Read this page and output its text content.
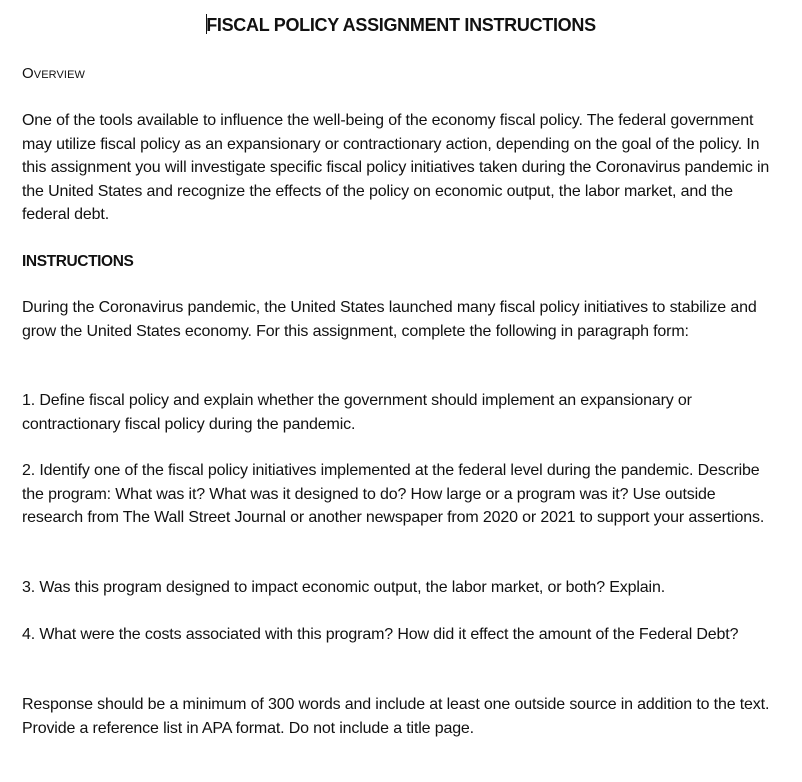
FISCAL POLICY ASSIGNMENT INSTRUCTIONS
Overview

One of the tools available to influence the well-being of the economy fiscal policy. The federal government may utilize fiscal policy as an expansionary or contractionary action, depending on the goal of the policy. In this assignment you will investigate specific fiscal policy initiatives taken during the Coronavirus pandemic in the United States and recognize the effects of the policy on economic output, the labor market, and the federal debt.

INSTRUCTIONS

During the Coronavirus pandemic, the United States launched many fiscal policy initiatives to stabilize and grow the United States economy. For this assignment, complete the following in paragraph form:

1. Define fiscal policy and explain whether the government should implement an expansionary or contractionary fiscal policy during the pandemic.

2. Identify one of the fiscal policy initiatives implemented at the federal level during the pandemic. Describe the program: What was it? What was it designed to do? How large or a program was it? Use outside research from The Wall Street Journal or another newspaper from 2020 or 2021 to support your assertions.

3. Was this program designed to impact economic output, the labor market, or both? Explain.

4. What were the costs associated with this program? How did it effect the amount of the Federal Debt?

Response should be a minimum of 300 words and include at least one outside source in addition to the text. Provide a reference list in APA format. Do not include a title page.
